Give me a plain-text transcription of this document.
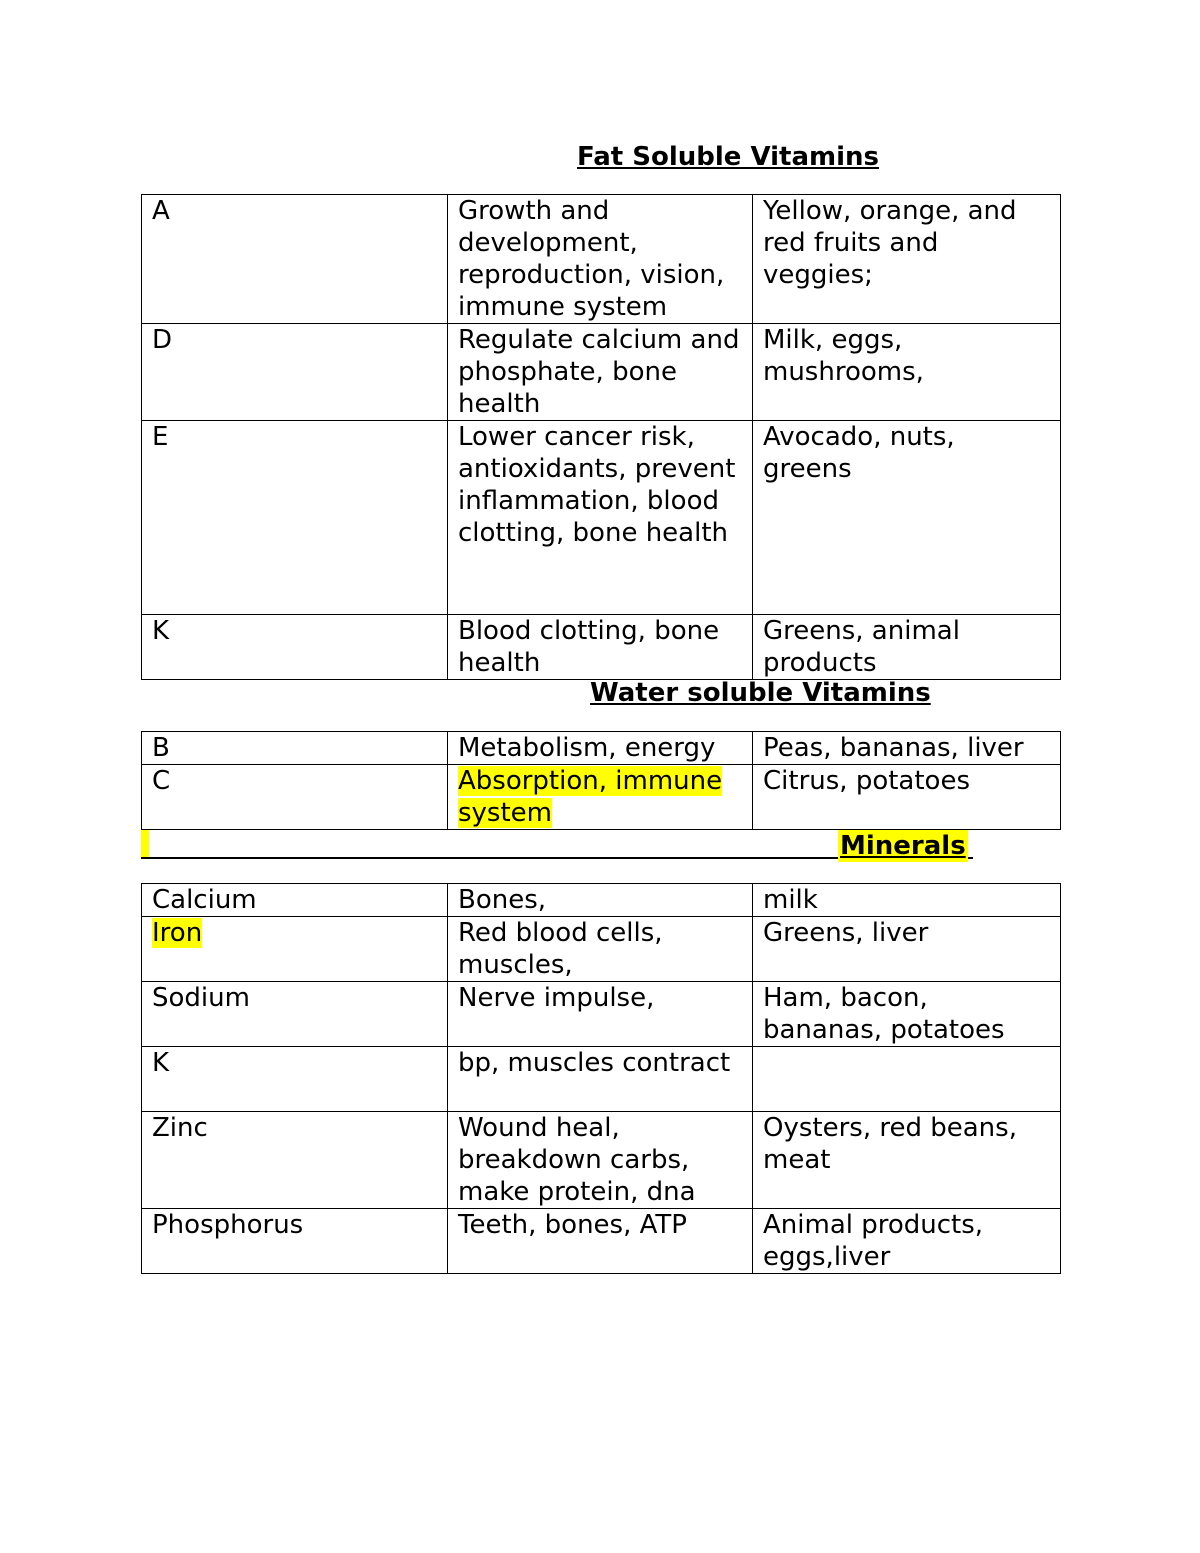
Fat Soluble Vitamins
A	Growth and development, reproduction, vision, immune system	Yellow, orange, and red fruits and veggies;
D	Regulate calcium and phosphate, bone health	Milk, eggs, mushrooms,
E	Lower cancer risk, antioxidants, prevent inflammation, blood clotting, bone health	Avocado, nuts, greens
K	Blood clotting, bone health	Greens, animal products
Water soluble Vitamins
B	Metabolism, energy	Peas, bananas, liver
C	Absorption, immune system	Citrus, potatoes
Minerals
Calcium	Bones,	milk
Iron	Red blood cells, muscles,	Greens, liver
Sodium	Nerve impulse,	Ham, bacon, bananas, potatoes
K	bp, muscles contract	
Zinc	Wound heal, breakdown carbs, make protein, dna	Oysters, red beans, meat
Phosphorus	Teeth, bones, ATP	Animal products, eggs,liver
